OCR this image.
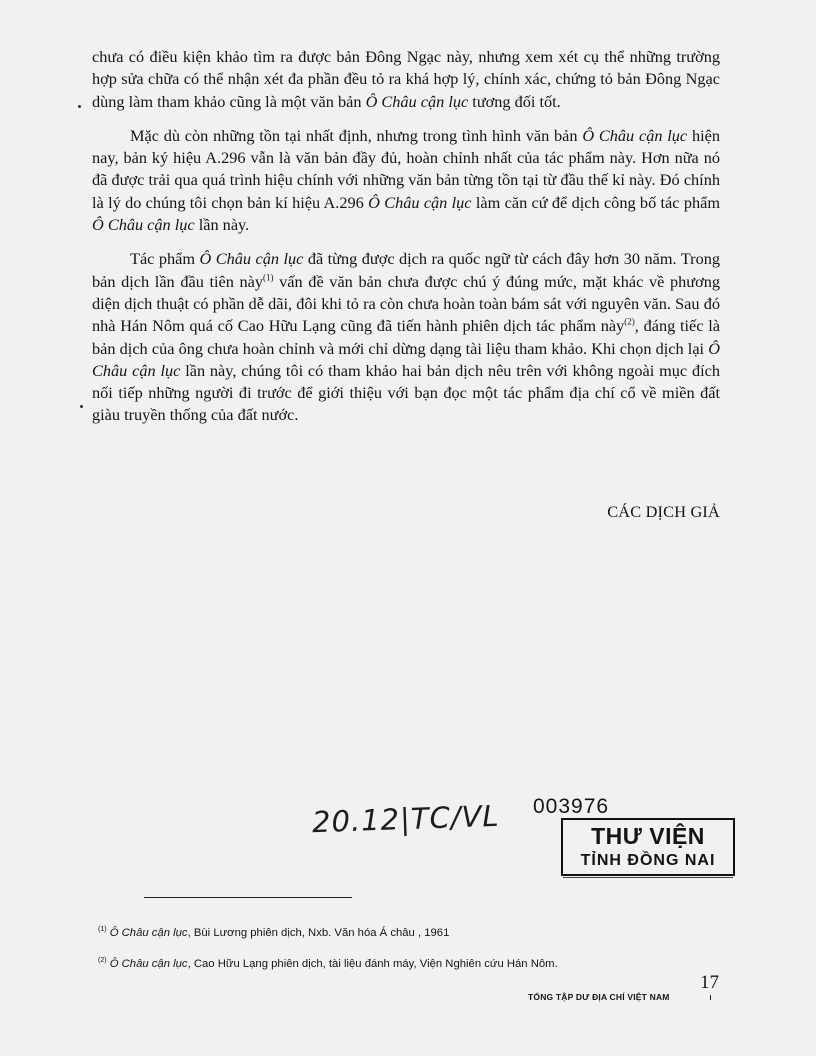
chưa có điều kiện khảo tìm ra được bản Đông Ngạc này, nhưng xem xét cụ thể những trường hợp sửa chữa có thể nhận xét đa phần đều tỏ ra khá hợp lý, chính xác, chứng tỏ bản Đông Ngạc dùng làm tham khảo cũng là một văn bản Ô Châu cận lục tương đối tốt.

Mặc dù còn những tồn tại nhất định, nhưng trong tình hình văn bản Ô Châu cận lục hiện nay, bản ký hiệu A.296 vẫn là văn bản đầy đủ, hoàn chỉnh nhất của tác phẩm này. Hơn nữa nó đã được trải qua quá trình hiệu chính với những văn bản từng tồn tại từ đầu thế kỉ này. Đó chính là lý do chúng tôi chọn bản kí hiệu A.296 Ô Châu cận lục làm căn cứ để dịch công bố tác phẩm Ô Châu cận lục lần này.

Tác phẩm Ô Châu cận lục đã từng được dịch ra quốc ngữ từ cách đây hơn 30 năm. Trong bản dịch lần đầu tiên này$^{(1)}$ vấn đề văn bản chưa được chú ý đúng mức, mặt khác về phương diện dịch thuật có phần dễ dãi, đôi khi tỏ ra còn chưa hoàn toàn bám sát với nguyên văn. Sau đó nhà Hán Nôm quá cố Cao Hữu Lạng cũng đã tiến hành phiên dịch tác phẩm này$^{(2)}$, đáng tiếc là bản dịch của ông chưa hoàn chỉnh và mới chỉ dừng dạng tài liệu tham khảo. Khi chọn dịch lại Ô Châu cận lục lần này, chúng tôi có tham khảo hai bản dịch nêu trên với không ngoài mục đích nối tiếp những người đi trước để giới thiệu với bạn đọc một tác phẩm địa chí cổ về miền đất giàu truyền thống của đất nước.

CÁC DỊCH GIẢ
20.12|TC/VL 003976
THƯ VIỆN
TỈNH ĐỒNG NAI
$^{(1)}$ Ô Châu cận lục, Bùi Lương phiên dịch, Nxb. Văn hóa Á châu , 1961
$^{(2)}$ Ô Châu cận lục, Cao Hữu Lạng phiên dịch, tài liệu đánh máy, Viện Nghiên cứu Hán Nôm.
TỔNG TẬP DƯ ĐỊA CHÍ VIỆT NAM
17
